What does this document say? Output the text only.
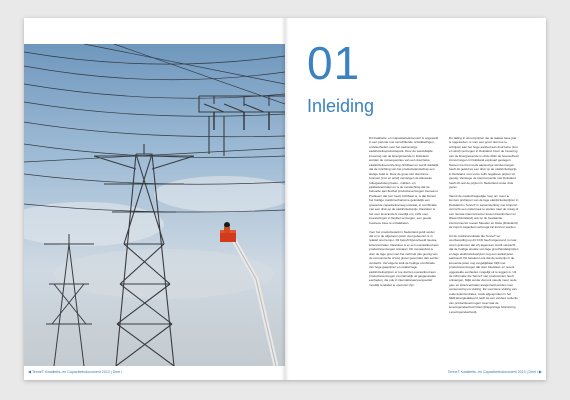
◀ TenneT Kwaliteits- en Capaciteitsdocument 2013 | Deel I
01
Inleiding

Dit Kwaliteits- en Capaciteitsdocument is opgesteld in een periode met verschillende ontwikkelingen, onzekerheden over het toekomstige elektriciteitsproductiepark. Door de wereldwijde invoering van de Energiewende in Duitsland worden de consequenties van een duurzame elektriciteitsvoorziening zichtbaar en wordt duidelijk dat de inrichting van het productielandschap een lastige zaak is. Door de groei van duurzame bronnen (zon en wind) vervangen de klassieke (olie/gas/kolen) basis-, midden- en pieklastcentrales en is de verwachting dat de behoefte aan flexibel productievermogen toeneemt. Probleem dat (om heel) zichtbaar is, is dat binnen het huidige marktmechanisme geleidelijk een groeiende capaciteitsvraag ontstaat, in combinatie met een druk op de elektriciteitsprijs. Daardoor is het voor leveranciers moeilijk om, zelfs voor investeringen in flexibel vermogen, een goede business case te ontwikkelen.

Voor het productiepark in Nederland geldt verder dat er in de afgelopen jaren veel gebeuren is in relatief snel tempo. Dit betreft bijvoorbeeld nieuwe kolencentrales. Daardoor is er een overaanbod aan productievermogen ontstaan. Dit overaanbod is door de lage groei van het verbruik (als gevolg van de economische crisis) groter geworden dan eerder verwacht. Vervolgens leidt de huidige combinatie van hoge gasprijzen en relatief lage elektriciteitsprijzen er toe dat het overaanbod aan productievermogen voornamelijk uit gasgestookte eenheden, die ook in internationaal perspectief moeilijk rendabel te opereren zijn.

De daling in stroomprijzen die de laatste twee jaar is opgetreden, is voor een groot deel toe te schrijven aan het hoge aanbod aan duurzame (zon en wind) vermogen in Duitsland. Door de invoering van de Energiewende is sinds 2011 de hoeveelheid zonvermogen in Duitsland explosief gestegen. Samen met het reeds aanwezige windvermogen heeft dit geleid tot een druk op de elektriciteitsprijs in Duitsland, met soms zelfs negatieve prijzen tot gevolg. Vanwege de interconnectie met Duitsland heeft dit ook de prijzen in Nederland onder druk gezet.

Vanuit de maatschappelijke roep om meer te kunnen profiteren van de lage elektriciteitsprijzen in Duitsland is TenneT in samenwerking met Amprion verzocht een onderzoek te starten naar de vraag of een nieuwe interconnector tussen Doetinchem en Wesel (Duitsland) ook op de bestaande interconnector tussen Meeden en Diele (Duitsland) de import-capaciteit verhoogd zal kunnen worden.

Uit de marktconsultatie die TenneT ter voorbereiding op dit KCD heeft uitgevoerd, is naar voren gekomen dat vrij algemeen wordt verwacht dat de huidige situatie van lage groothandelsprijzen en lage elektriciteitsprijzen nog een aantal jaren aanhoudt. Dit betekent ook dat de kostprijs in de komende jaren nog vergelijkbaar blijft met productievermogen dat door basislast- en recent opgestelde eenheden mogelijk uit te leggen is. Uit de informatie die TenneT van producenten heeft ontvangen, blijkt verder dat ook steeds meer oude gas- en kolencentrales aangemeld worden voor conservering en sluiting. De voorziene sluiting van oude kolencentrales, zoals afgesproken in het SER-Energieakkoord, leidt tot een verdere reductie van productievermogen meer laat de leveringszekerheid intact (Rapportage Monitoring Leveringszekerheid).

TenneT Kwaliteits- en Capaciteitsdocument 2013 | Deel I ▶
